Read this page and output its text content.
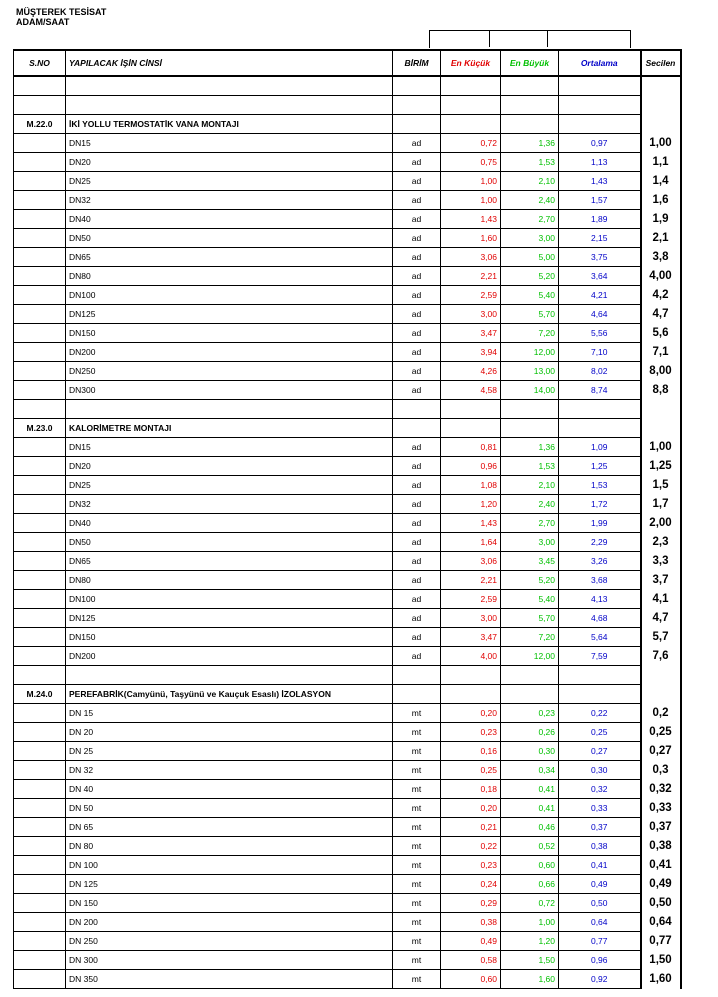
MÜŞTEREK TESİSAT
ADAM/SAAT
S.NO	YAPILACAK İŞİN CİNSİ	BİRİM	En Küçük	En Büyük	Ortalama	Secilen

M.22.0	İKİ YOLLU TERMOSTATİK VANA MONTAJI					
	DN15	ad	0,72	1,36	0,97	1,00
	DN20	ad	0,75	1,53	1,13	1,1
	DN25	ad	1,00	2,10	1,43	1,4
	DN32	ad	1,00	2,40	1,57	1,6
	DN40	ad	1,43	2,70	1,89	1,9
	DN50	ad	1,60	3,00	2,15	2,1
	DN65	ad	3,06	5,00	3,75	3,8
	DN80	ad	2,21	5,20	3,64	4,00
	DN100	ad	2,59	5,40	4,21	4,2
	DN125	ad	3,00	5,70	4,64	4,7
	DN150	ad	3,47	7,20	5,56	5,6
	DN200	ad	3,94	12,00	7,10	7,1
	DN250	ad	4,26	13,00	8,02	8,00
	DN300	ad	4,58	14,00	8,74	8,8

M.23.0	KALORİMETRE MONTAJI					
	DN15	ad	0,81	1,36	1,09	1,00
	DN20	ad	0,96	1,53	1,25	1,25
	DN25	ad	1,08	2,10	1,53	1,5
	DN32	ad	1,20	2,40	1,72	1,7
	DN40	ad	1,43	2,70	1,99	2,00
	DN50	ad	1,64	3,00	2,29	2,3
	DN65	ad	3,06	3,45	3,26	3,3
	DN80	ad	2,21	5,20	3,68	3,7
	DN100	ad	2,59	5,40	4,13	4,1
	DN125	ad	3,00	5,70	4,68	4,7
	DN150	ad	3,47	7,20	5,64	5,7
	DN200	ad	4,00	12,00	7,59	7,6

M.24.0	PEREFABRİK(Camyünü, Taşyünü ve Kauçuk Esaslı) İZOLASYON					
	DN 15	mt	0,20	0,23	0,22	0,2
	DN 20	mt	0,23	0,26	0,25	0,25
	DN 25	mt	0,16	0,30	0,27	0,27
	DN 32	mt	0,25	0,34	0,30	0,3
	DN 40	mt	0,18	0,41	0,32	0,32
	DN 50	mt	0,20	0,41	0,33	0,33
	DN 65	mt	0,21	0,46	0,37	0,37
	DN 80	mt	0,22	0,52	0,38	0,38
	DN 100	mt	0,23	0,60	0,41	0,41
	DN 125	mt	0,24	0,66	0,49	0,49
	DN 150	mt	0,29	0,72	0,50	0,50
	DN 200	mt	0,38	1,00	0,64	0,64
	DN 250	mt	0,49	1,20	0,77	0,77
	DN 300	mt	0,58	1,50	0,96	1,50
	DN 350	mt	0,60	1,60	0,92	1,60
